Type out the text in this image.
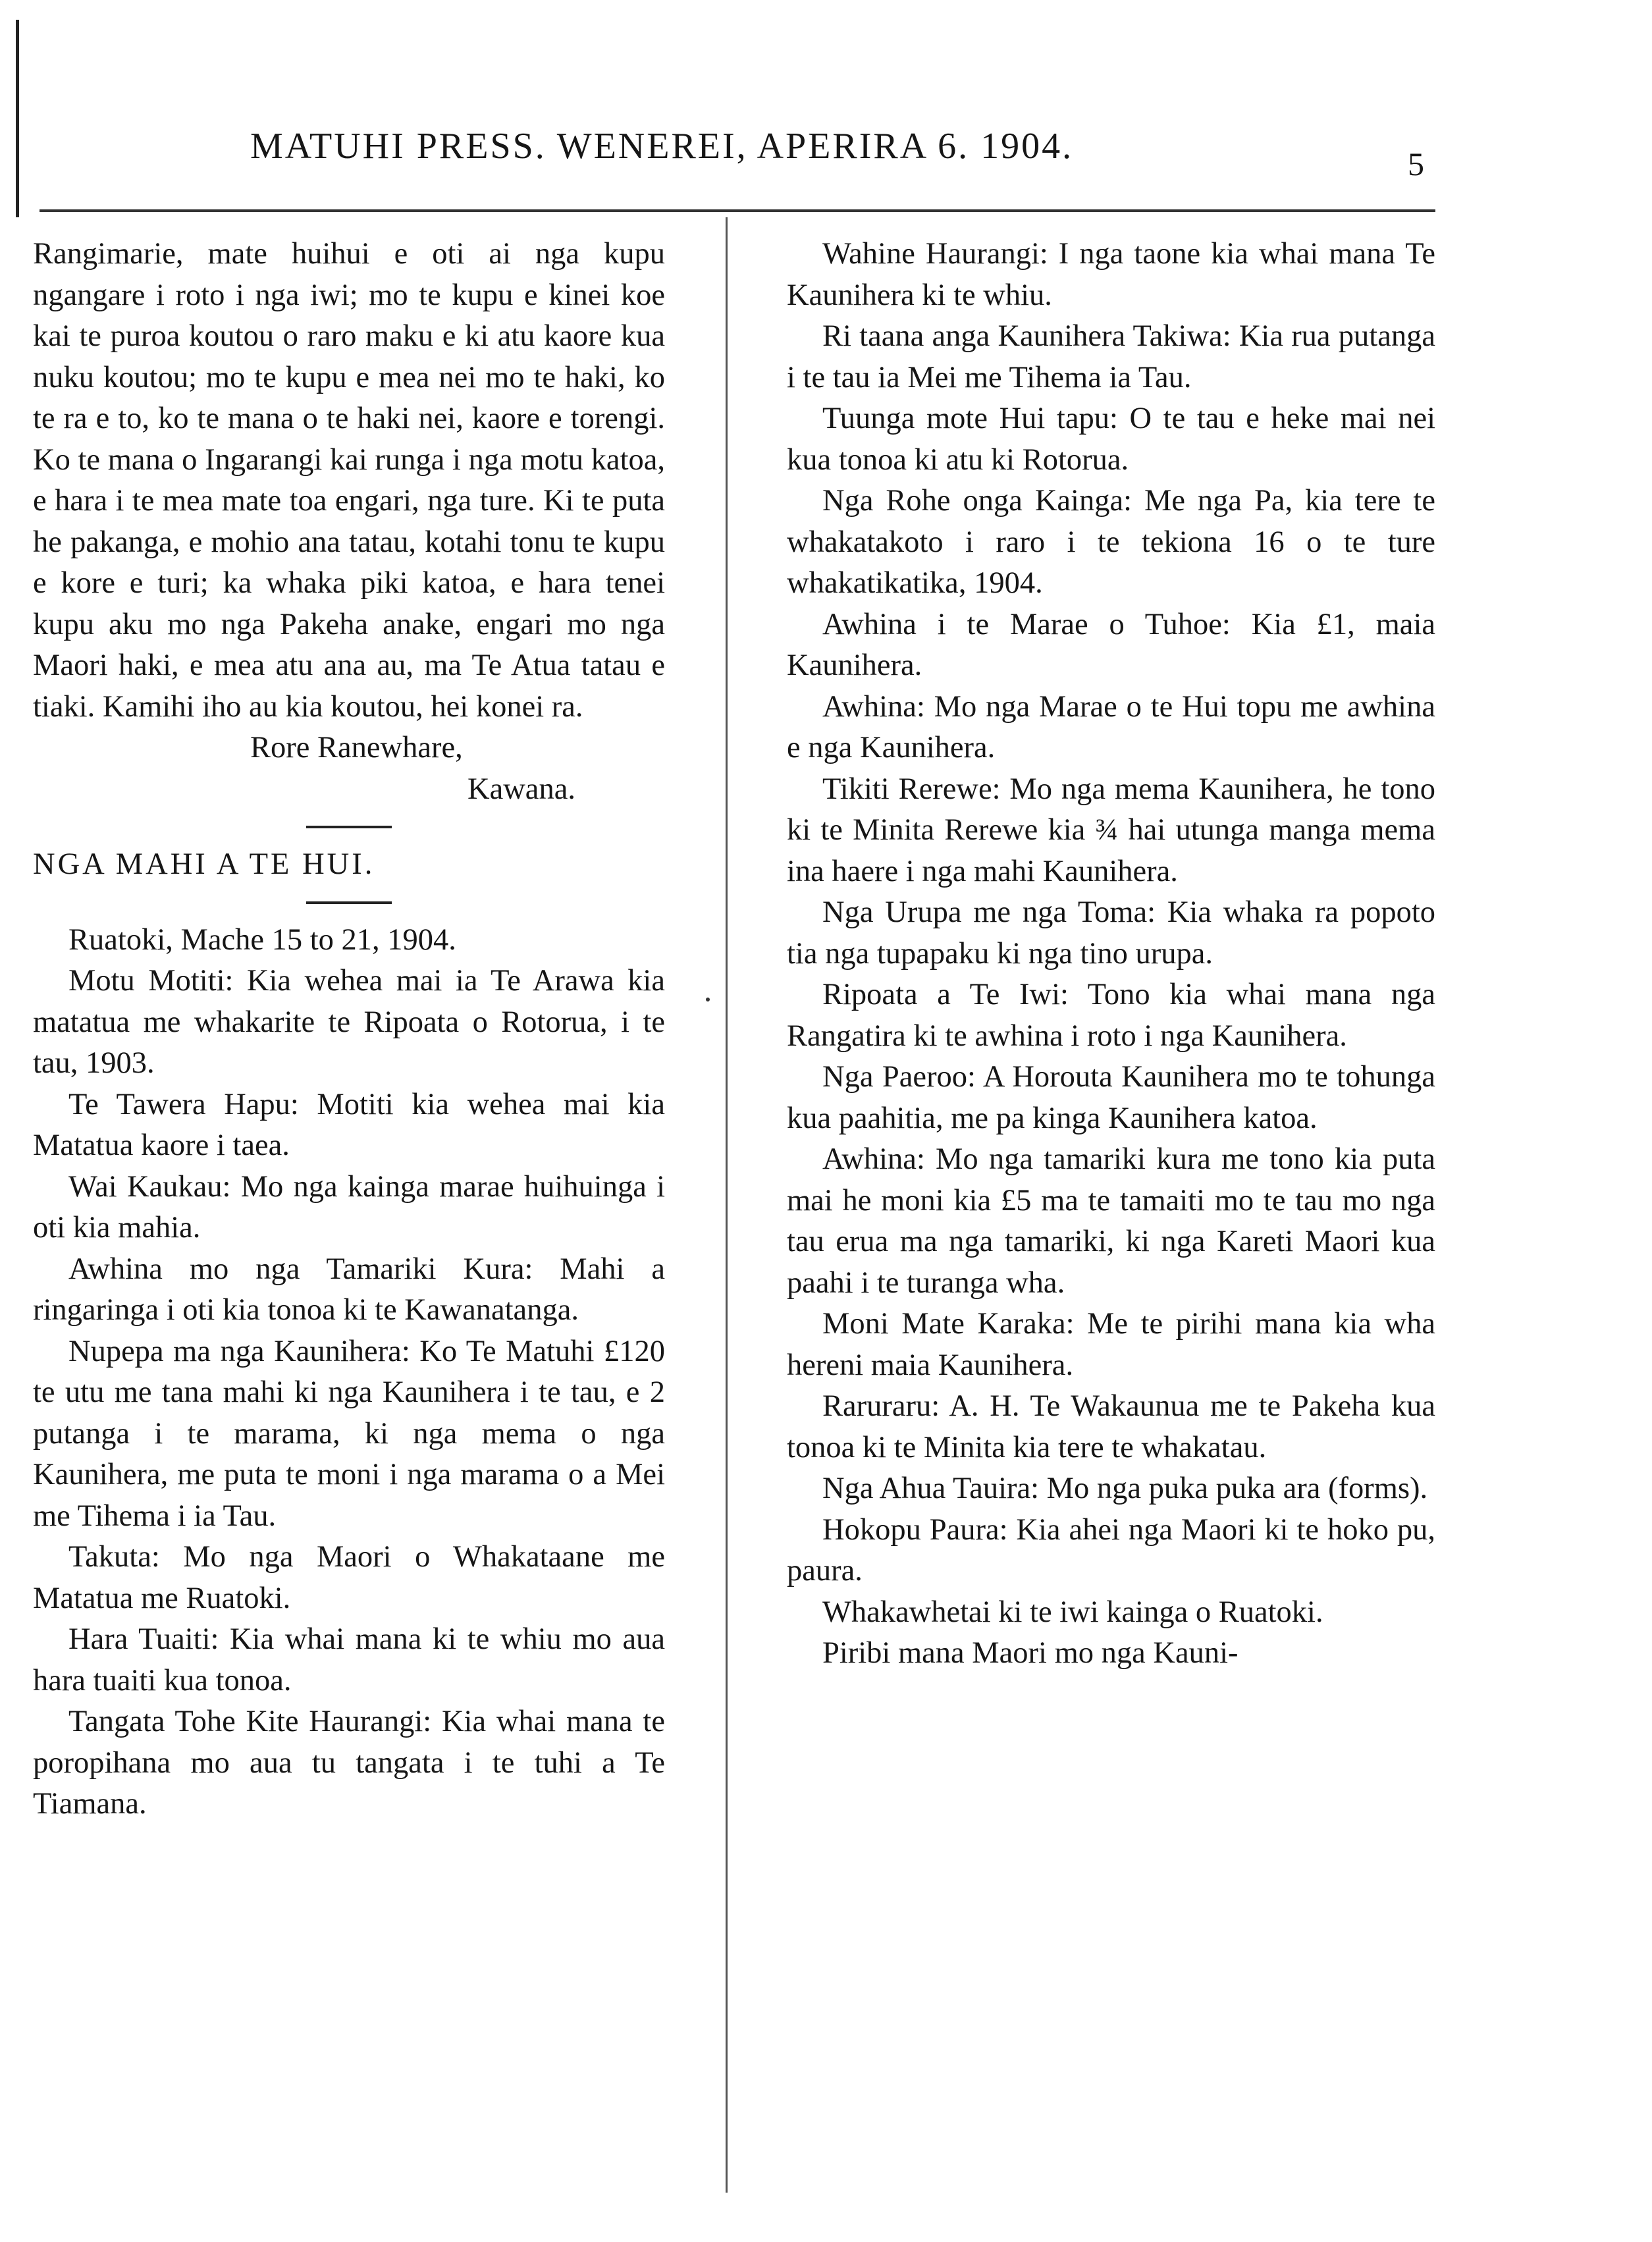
MATUHI PRESS. WENEREI, APERIRA 6. 1904.	5

Rangimarie, mate huihui e oti ai nga kupu ngangare i roto i nga iwi; mo te kupu e kinei koe kai te puroa koutou o raro maku e ki atu kaore kua nuku koutou; mo te kupu e mea nei mo te haki, ko te ra e to, ko te mana o te haki nei, kaore e torengi. Ko te mana o Ingarangi kai runga i nga motu katoa, e hara i te mea mate toa engari, nga ture. Ki te puta he pakanga, e mohio ana tatau, kotahi tonu te kupu e kore e turi; ka whaka piki katoa, e hara tenei kupu aku mo nga Pakeha anake, engari mo nga Maori haki, e mea atu ana au, ma Te Atua tatau e tiaki. Kamihi iho au kia koutou, hei konei ra.

Rore Ranewhare,

Kawana.

NGA MAHI A TE HUI.

Ruatoki, Mache 15 to 21, 1904.

Motu Motiti: Kia wehea mai ia Te Arawa kia matatua me whakarite te Ripoata o Rotorua, i te tau, 1903.

Te Tawera Hapu: Motiti kia wehea mai kia Matatua kaore i taea.

Wai Kaukau: Mo nga kainga marae huihuinga i oti kia mahia.

Awhina mo nga Tamariki Kura: Mahi a ringaringa i oti kia tonoa ki te Kawanatanga.

Nupepa ma nga Kaunihera: Ko Te Matuhi £120 te utu me tana mahi ki nga Kaunihera i te tau, e 2 putanga i te marama, ki nga mema o nga Kaunihera, me puta te moni i nga marama o a Mei me Tihema i ia Tau.

Takuta: Mo nga Maori o Whakataane me Matatua me Ruatoki.

Hara Tuaiti: Kia whai mana ki te whiu mo aua hara tuaiti kua tonoa.

Tangata Tohe Kite Haurangi: Kia whai mana te poropihana mo aua tu tangata i te tuhi a Te Tiamana.

Wahine Haurangi: I nga taone kia whai mana Te Kaunihera ki te whiu.

Ri taana anga Kaunihera Takiwa: Kia rua putanga i te tau ia Mei me Tihema ia Tau.

Tuunga mote Hui tapu: O te tau e heke mai nei kua tonoa ki atu ki Rotorua.

Nga Rohe onga Kainga: Me nga Pa, kia tere te whakatakoto i raro i te tekiona 16 o te ture whakatikatika, 1904.

Awhina i te Marae o Tuhoe: Kia £1, maia Kaunihera.

Awhina: Mo nga Marae o te Hui topu me awhina e nga Kaunihera.

Tikiti Rerewe: Mo nga mema Kaunihera, he tono ki te Minita Rerewe kia ¾ hai utunga manga mema ina haere i nga mahi Kaunihera.

Nga Urupa me nga Toma: Kia whaka ra popoto tia nga tupapaku ki nga tino urupa.

Ripoata a Te Iwi: Tono kia whai mana nga Rangatira ki te awhina i roto i nga Kaunihera.

Nga Paeroo: A Horouta Kaunihera mo te tohunga kua paahitia, me pa kinga Kaunihera katoa.

Awhina: Mo nga tamariki kura me tono kia puta mai he moni kia £5 ma te tamaiti mo te tau mo nga tau erua ma nga tamariki, ki nga Kareti Maori kua paahi i te turanga wha.

Moni Mate Karaka: Me te pirihi mana kia wha hereni maia Kaunihera.

Raruraru: A. H. Te Wakaunua me te Pakeha kua tonoa ki te Minita kia tere te whakatau.

Nga Ahua Tauira: Mo nga puka puka ara (forms).

Hokopu Paura: Kia ahei nga Maori ki te hoko pu, paura.

Whakawhetai ki te iwi kainga o Ruatoki.

Piribi mana Maori mo nga Kauni-
